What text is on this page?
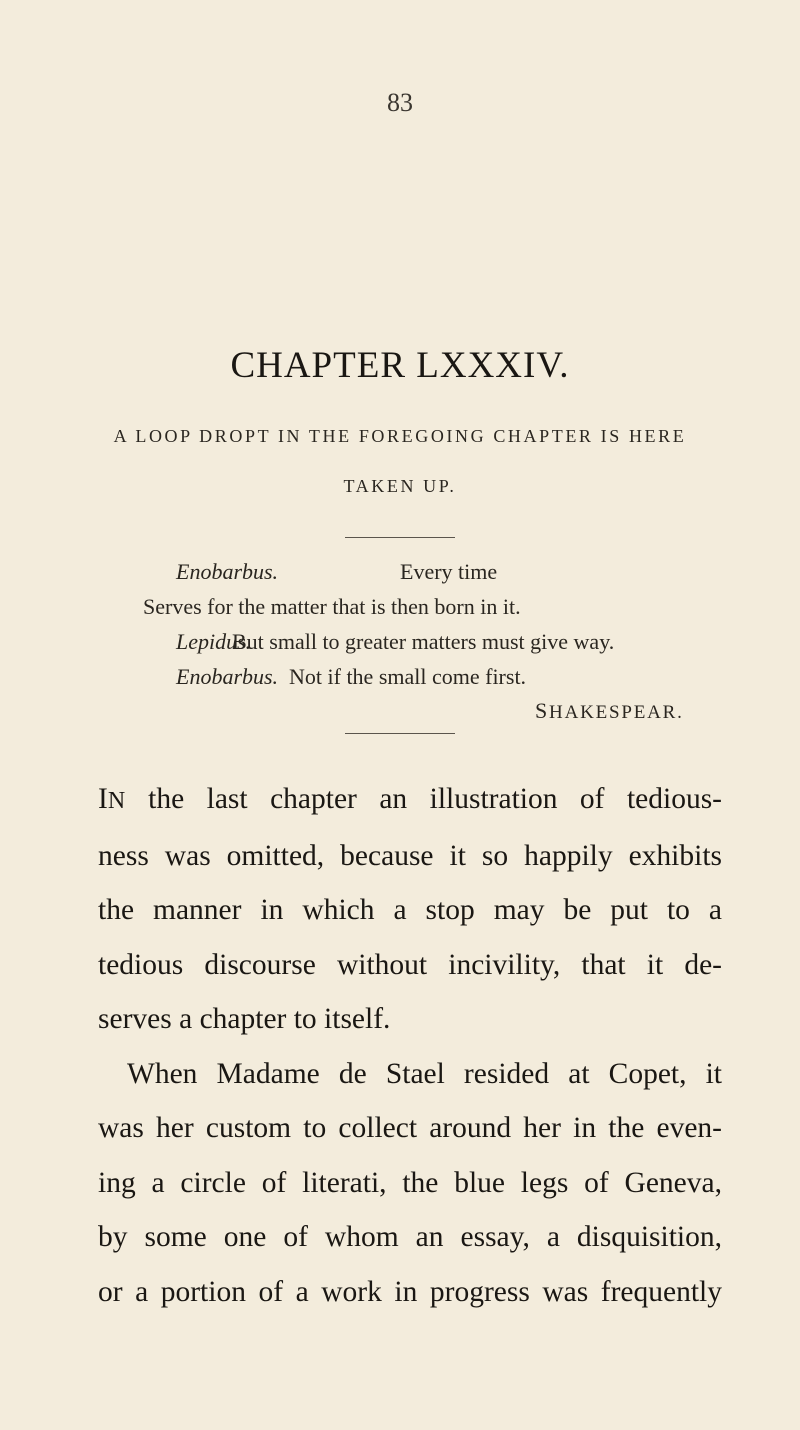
83
CHAPTER LXXXIV.
A LOOP DROPT IN THE FOREGOING CHAPTER IS HERE
TAKEN UP.
Enobarbus.	Every time
Serves for the matter that is then born in it.
Lepidus.
But small to greater matters must give way.
Enobarbus. Not if the small come first.
SHAKESPEAR.
IN the last chapter an illustration of tedious-
ness was omitted, because it so happily exhibits
the manner in which a stop may be put to a
tedious discourse without incivility, that it de-
serves a chapter to itself.
When Madame de Stael resided at Copet, it
was her custom to collect around her in the even-
ing a circle of literati, the blue legs of Geneva,
by some one of whom an essay, a disquisition,
or a portion of a work in progress was frequently
